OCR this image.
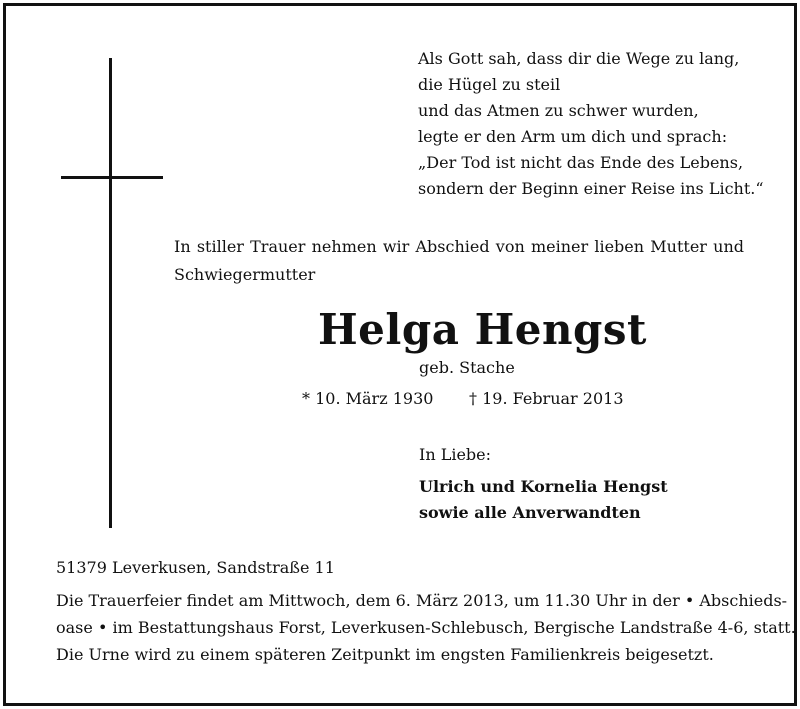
Als Gott sah, dass dir die Wege zu lang,
die Hügel zu steil
und das Atmen zu schwer wurden,
legte er den Arm um dich und sprach:
„Der Tod ist nicht das Ende des Lebens,
sondern der Beginn einer Reise ins Licht.“
In stiller Trauer nehmen wir Abschied von meiner lieben Mutter und Schwiegermutter
Helga Hengst
geb. Stache
* 10. März 1930 † 19. Februar 2013
In Liebe:
Ulrich und Kornelia Hengst
sowie alle Anverwandten
51379 Leverkusen, Sandstraße 11
Die Trauerfeier findet am Mittwoch, dem 6. März 2013, um 11.30 Uhr in der • Abschieds-
oase • im Bestattungshaus Forst, Leverkusen-Schlebusch, Bergische Landstraße 4-6, statt.
Die Urne wird zu einem späteren Zeitpunkt im engsten Familienkreis beigesetzt.
